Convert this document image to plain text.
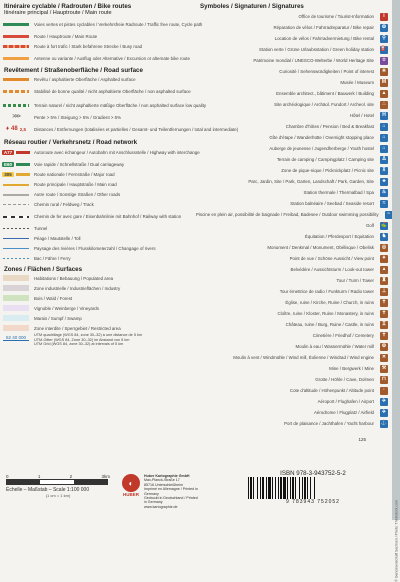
Itinéraire cyclable / Radrouten / Bike routes
Itinéraire principal / Hauptroute / Main route
Voies vertes et pistes cyclables / Verkehrsfreie Radroute / Traffic free route, Cycle path
Route / Hauptroute / Main Route
Route à fort trafic / Stark befahrene Strecke / Busy road
Antenne ou variante / Ausflug oder Alternative / Excursion or alternate bike route
Revêtement / Straßenoberfläche / Road surface
Revêtu / asphaltierte Oberfläche / Asphalted surface
Stabilisé de bonne qualité / nicht asphaltierte Oberfläche / non asphalted surface
Terrain naturel / nicht asphaltierte mäßige Oberfläche / non asphalted surface low quality
>>>	Pente > 5% / Steigung > 5% / Gradient > 5%
♦ 48 2,5	Distances / Entfernungen (totalisées et partielles / Gesamt- und Teilentfernungen / total and intermediate)
Réseau routier / Verkehrsnetz / Road network
A77	Autoroute avec échangeur / Autobahn mit Anschlussstelle / Highway with interchange
E60	Voie rapide / Schnellstraße / Dual carriageway
305	Route nationale / Fernstraße / Major road
Route principale / Hauptstraße / Main road
Autre route / Sonstige Straßen / Other roads
Chemin rural / Feldweg / Track
Chemin de fer avec gare / Eisenbahnlinie mit Bahnhof / Railway with station
Tunnel
Péage / Mautstelle / Toll
Paysage des rivières / Flusskilometerzahl / Changage of rivers
Bac / Fähre / Ferry
Zones / Flächen / Surfaces
Habitations / Bebauung / Populated area
Zone industrielle / Industrieflächen / Industry
Bois / Wald / Forest
Vignoble / Weinberge / Vineyards
Marais / Sumpf / Swamp
Zone interdite / Sperrgebiet / Restricted area
52 40 000 UTM quadrillage (WGS 84, zone 30–32) à une distance de 5 km
UTM-Gitter (WGS 84, Zone 30–32) im Abstand von 5 km
UTM Grid (WGS 84, zone 30–32) at intervals of 5 km
0	1	2	3km
Échelle – Maßstab – Scale 1:100 000
(1 cm = 1 km)
◐
HUBER
Huber Kartographie GmbH
Max-Planck-Straße 17
85716 Unterschleißheim
Imprimé en Allemagne / Printed in Germany
Gedruckt in Deutschland / Printed in Germany
www.kartographie.de
Symboles / Signaturen / Signatures
Office de tourisme / Tourist-Information	i
Réparation de vélos / Fahrradreparatur / Bike repair	⚙
Location de vélos / Fahrradvermietung / Bike rental	⚲
Station verte / Grüne Urlaubsstation / Green holiday station	⛽
Patrimoine mondial / UNESCO-Welterbe / World Heritage Site	☆
Curiosité / Sehenswürdigkeiten / Point of interest	✳
Musée / Museum	M
Ensemble architect., bâtiment / Bauwerk / Building	▲
Site archéologique / Archäol. Fundort / Archeol. site	∴
Hôtel / Hotel	H
Chambre d'hôtes / Pension / Bed & Breakfast	⌂
Gîte d'étape / Wanderhütte / Overnight stopping place	⌂
Auberge de jeunesse / Jugendherberge / Youth hostel	⌂
Terrain de camping / Campingplatz / Camping site	Δ
Zone de pique-nique / Picknickplatz / Picnic site	⊼
Parc, Jardin, Site / Park, Garten, Landschaft / Park, Garden, Site	♣
Station thermale / Thermalbad / Spa	♨
Station balnéaire / Seebad / Seaside resort	≈
Piscine en plein air, possibilité de baignade / Freibad, Badesee / Outdoor swimming possibility	~
Golf	⛳
Équitation / Pferdesport / Equitation	♞
Monument / Denkmal / Monument, Obélisque / Obelisk	◎
Point de vue / Schöne Aussicht / View point	✦
Belvédère / Aussichtsturm / Look-out tower	▴
Tour / Turm / Tower	♜
Tour émettrice de radio / Funkturm / Radio tower	⊥
Église, ruine / Kirche, Ruine / Church, in ruins	✝
Cloître, ruine / Kloster, Ruine / Monastery, in ruins	✝
Château, ruine / Burg, Ruine / Castle, in ruins	♖
Cimetière / Friedhof / Cemetery	✝
Moulin à eau / Wassermühle / Water mill	⚙
Moulin à vent / Windmühle / Wind mill, Éolienne / Windrad / Wind engine	✕
Mine / Bergwerk / Mine	⚒
Grotte / Höhle / Cave, Dolmen	⊓
Cote d'altitude / Höhenpunkt / Altitude point	·
Aéroport / Flughafen / Airport	✈
Aérodrome / Flugplatz / Airfield	✈
Port de plaisance / Jachthafen / Yacht harbour	⚓
125
ISBN 978-3-943752-5-2
9 783943 752052	© Genossenschaft Sachsen / Photo: Thinkstock.com
